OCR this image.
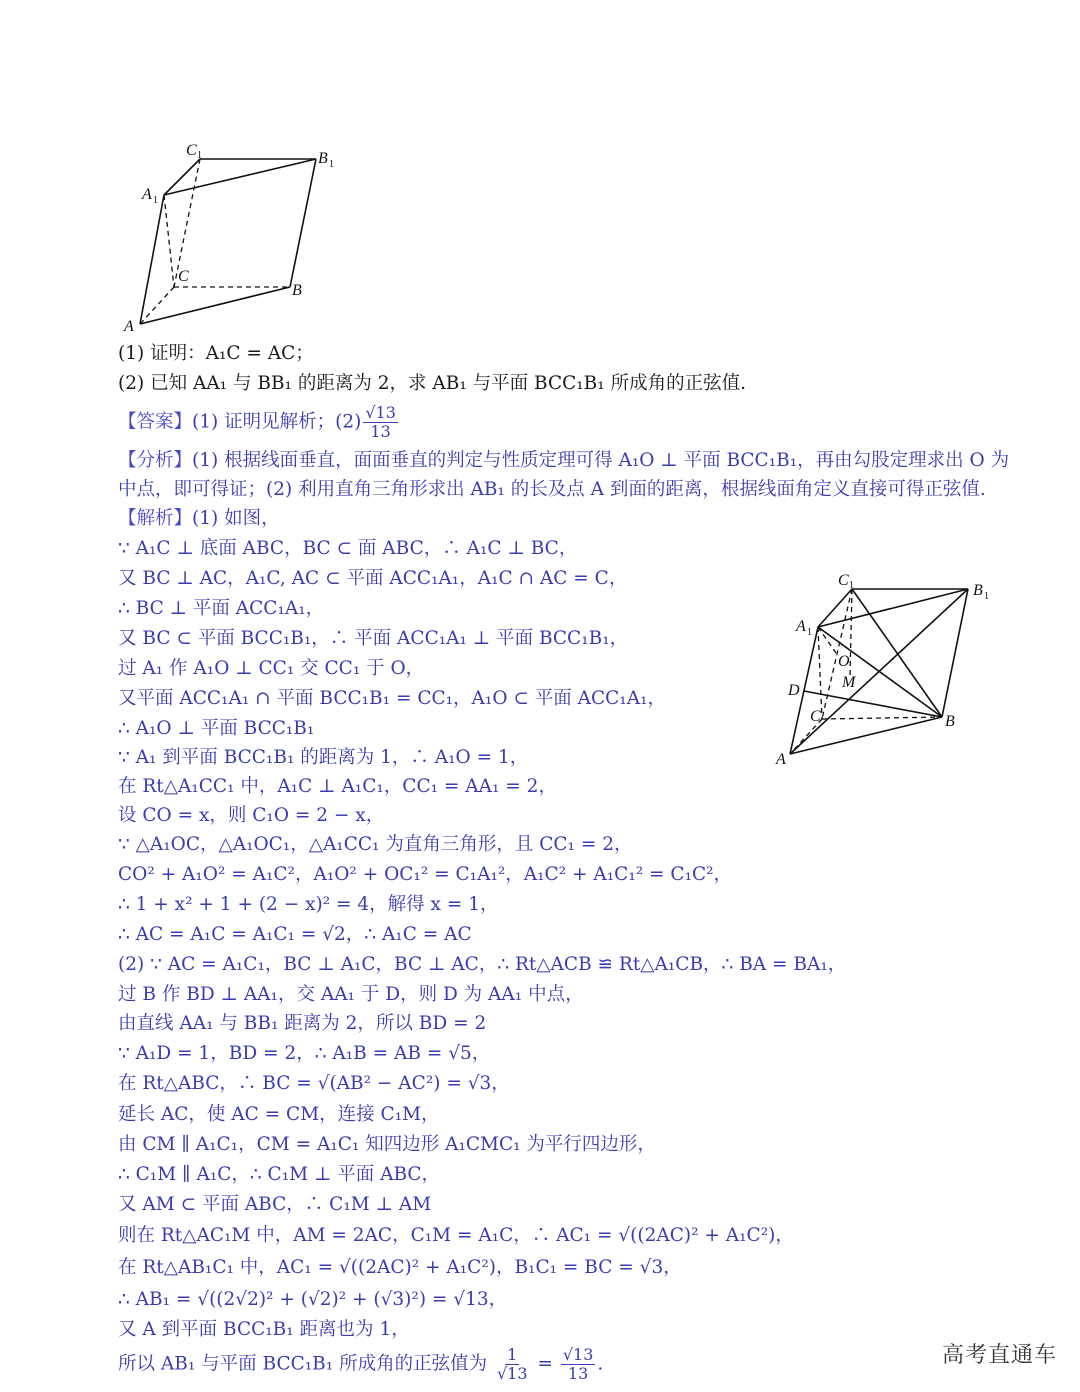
C 1	B 1
A 1
C
B
A
(1) 证明：A₁C = AC；
(2) 已知 AA₁ 与 BB₁ 的距离为 2，求 AB₁ 与平面 BCC₁B₁ 所成角的正弦值.
【答案】(1) 证明见解析；$(2) \frac{√13}{13}$
【分析】(1) 根据线面垂直，面面垂直的判定与性质定理可得 A₁O ⊥ 平面 BCC₁B₁，再由勾股定理求出 O 为
中点，即可得证；(2) 利用直角三角形求出 AB₁ 的长及点 A 到面的距离，根据线面角定义直接可得正弦值.
【解析】(1) 如图，
∵ A₁C ⊥ 底面 ABC，BC ⊂ 面 ABC，∴ A₁C ⊥ BC，
又 BC ⊥ AC，A₁C, AC ⊂ 平面 ACC₁A₁，A₁C ∩ AC = C，
∴ BC ⊥ 平面 ACC₁A₁，
又 BC ⊂ 平面 BCC₁B₁，∴ 平面 ACC₁A₁ ⊥ 平面 BCC₁B₁，
过 A₁ 作 A₁O ⊥ CC₁ 交 CC₁ 于 O，
又平面 ACC₁A₁ ∩ 平面 BCC₁B₁ = CC₁，A₁O ⊂ 平面 ACC₁A₁，
∴ A₁O ⊥ 平面 BCC₁B₁
∵ A₁ 到平面 BCC₁B₁ 的距离为 1，∴ A₁O = 1，
在 Rt△A₁CC₁ 中，A₁C ⊥ A₁C₁，CC₁ = AA₁ = 2，
设 CO = x，则 C₁O = 2 − x，
∵ △A₁OC，△A₁OC₁，△A₁CC₁ 为直角三角形，且 CC₁ = 2，
CO² + A₁O² = A₁C²，A₁O² + OC₁² = C₁A₁²，A₁C² + A₁C₁² = C₁C²，
∴ 1 + x² + 1 + (2 − x)² = 4，解得 x = 1，
∴ AC = A₁C = A₁C₁ = √2，∴ A₁C = AC
(2) ∵ AC = A₁C₁，BC ⊥ A₁C，BC ⊥ AC，∴ Rt△ACB ≌ Rt△A₁CB，∴ BA = BA₁，
过 B 作 BD ⊥ AA₁，交 AA₁ 于 D，则 D 为 AA₁ 中点，
由直线 AA₁ 与 BB₁ 距离为 2，所以 BD = 2
∵ A₁D = 1，BD = 2，∴ A₁B = AB = √5，
在 Rt△ABC，∴ BC = √(AB² − AC²) = √3，
延长 AC，使 AC = CM，连接 C₁M，
由 CM ∥ A₁C₁，CM = A₁C₁ 知四边形 A₁CMC₁ 为平行四边形，
∴ C₁M ∥ A₁C，∴ C₁M ⊥ 平面 ABC，
又 AM ⊂ 平面 ABC，∴ C₁M ⊥ AM
则在 Rt△AC₁M 中，AM = 2AC，C₁M = A₁C，∴ AC₁ = √((2AC)² + A₁C²)，
在 Rt△AB₁C₁ 中，AC₁ = √((2AC)² + A₁C²)，B₁C₁ = BC = √3，
∴ AB₁ = √((2√2)² + (√2)² + (√3)²) = √13，
又 A 到平面 BCC₁B₁ 距离也为 1，
所以 AB₁ 与平面 BCC₁B₁ 所成角的正弦值为 $\frac{1}{√13} = \frac{√13}{13}$ .
C 1	B 1
A 1
O
M
D
C	B
A
高考直通车
